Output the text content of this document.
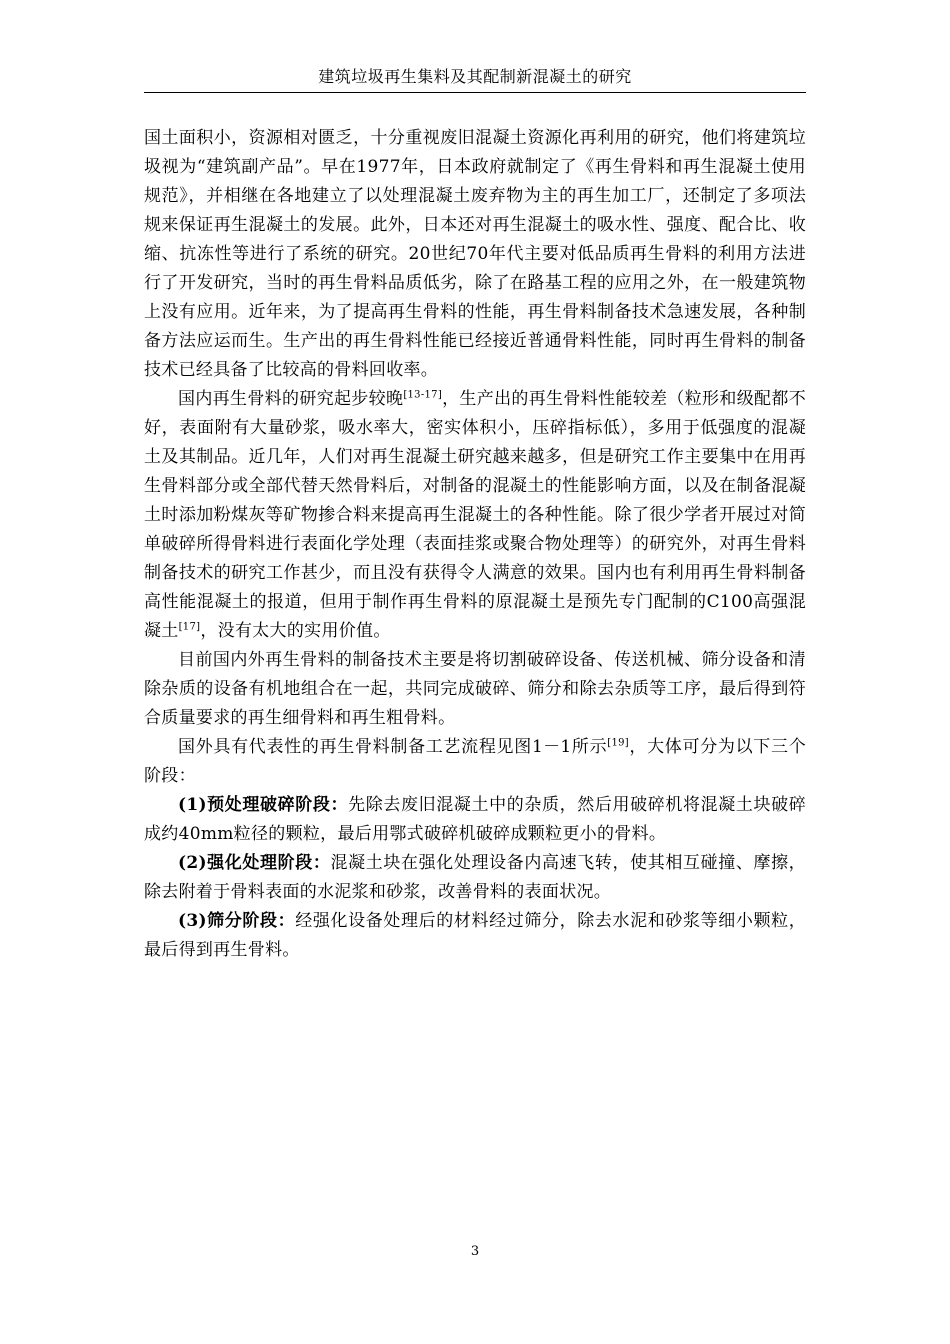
建筑垃圾再生集料及其配制新混凝土的研究

国土面积小，资源相对匮乏，十分重视废旧混凝土资源化再利用的研究，他们将建筑垃圾视为“建筑副产品”。早在1977年，日本政府就制定了《再生骨料和再生混凝土使用规范》，并相继在各地建立了以处理混凝土废弃物为主的再生加工厂，还制定了多项法规来保证再生混凝土的发展。此外，日本还对再生混凝土的吸水性、强度、配合比、收缩、抗冻性等进行了系统的研究。20世纪70年代主要对低品质再生骨料的利用方法进行了开发研究，当时的再生骨料品质低劣，除了在路基工程的应用之外，在一般建筑物上没有应用。近年来，为了提高再生骨料的性能，再生骨料制备技术急速发展，各种制备方法应运而生。生产出的再生骨料性能已经接近普通骨料性能，同时再生骨料的制备技术已经具备了比较高的骨料回收率。

国内再生骨料的研究起步较晚[13-17]，生产出的再生骨料性能较差（粒形和级配都不好，表面附有大量砂浆，吸水率大，密实体积小，压碎指标低），多用于低强度的混凝土及其制品。近几年，人们对再生混凝土研究越来越多，但是研究工作主要集中在用再生骨料部分或全部代替天然骨料后，对制备的混凝土的性能影响方面，以及在制备混凝土时添加粉煤灰等矿物掺合料来提高再生混凝土的各种性能。除了很少学者开展过对简单破碎所得骨料进行表面化学处理（表面挂浆或聚合物处理等）的研究外，对再生骨料制备技术的研究工作甚少，而且没有获得令人满意的效果。国内也有利用再生骨料制备高性能混凝土的报道，但用于制作再生骨料的原混凝土是预先专门配制的C100高强混凝土[17]，没有太大的实用价值。

目前国内外再生骨料的制备技术主要是将切割破碎设备、传送机械、筛分设备和清除杂质的设备有机地组合在一起，共同完成破碎、筛分和除去杂质等工序，最后得到符合质量要求的再生细骨料和再生粗骨料。

国外具有代表性的再生骨料制备工艺流程见图1－1所示[19]，大体可分为以下三个阶段：

(1)预处理破碎阶段：先除去废旧混凝土中的杂质，然后用破碎机将混凝土块破碎成约40mm粒径的颗粒，最后用鄂式破碎机破碎成颗粒更小的骨料。

(2)强化处理阶段：混凝土块在强化处理设备内高速飞转，使其相互碰撞、摩擦，除去附着于骨料表面的水泥浆和砂浆，改善骨料的表面状况。

(3)筛分阶段：经强化设备处理后的材料经过筛分，除去水泥和砂浆等细小颗粒，最后得到再生骨料。

3
